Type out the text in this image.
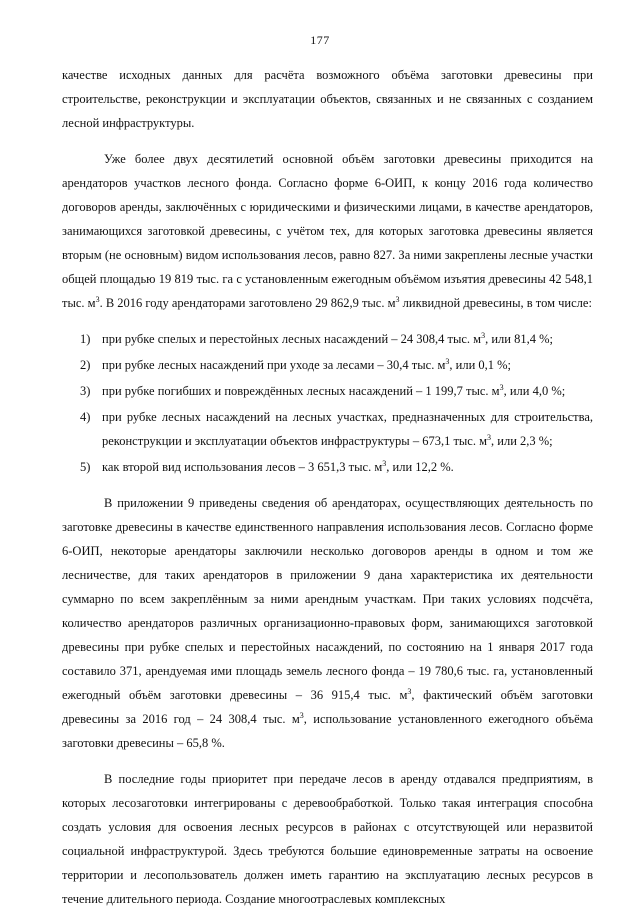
177

качестве исходных данных для расчёта возможного объёма заготовки древесины при строительстве, реконструкции и эксплуатации объектов, связанных и не связанных с созданием лесной инфраструктуры.

Уже более двух десятилетий основной объём заготовки древесины приходится на арендаторов участков лесного фонда. Согласно форме 6-ОИП, к концу 2016 года количество договоров аренды, заключённых с юридическими и физическими лицами, в качестве арендаторов, занимающихся заготовкой древесины, с учётом тех, для которых заготовка древесины является вторым (не основным) видом использования лесов, равно 827. За ними закреплены лесные участки общей площадью 19 819 тыс. га с установленным ежегодным объёмом изъятия древесины 42 548,1 тыс. $м^3$. В 2016 году арендаторами заготовлено 29 862,9 тыс. $м^3$ ликвидной древесины, в том числе:

1) при рубке спелых и перестойных лесных насаждений – 24 308,4 тыс. $м^3$, или 81,4 %;
2) при рубке лесных насаждений при уходе за лесами – 30,4 тыс. $м^3$, или 0,1 %;
3) при рубке погибших и повреждённых лесных насаждений – 1 199,7 тыс. $м^3$, или 4,0 %;
4) при рубке лесных насаждений на лесных участках, предназначенных для строительства, реконструкции и эксплуатации объектов инфраструктуры – 673,1 тыс. $м^3$, или 2,3 %;
5) как второй вид использования лесов – 3 651,3 тыс. $м^3$, или 12,2 %.

В приложении 9 приведены сведения об арендаторах, осуществляющих деятельность по заготовке древесины в качестве единственного направления использования лесов. Согласно форме 6-ОИП, некоторые арендаторы заключили несколько договоров аренды в одном и том же лесничестве, для таких арендаторов в приложении 9 дана характеристика их деятельности суммарно по всем закреплённым за ними арендным участкам. При таких условиях подсчёта, количество арендаторов различных организационно-правовых форм, занимающихся заготовкой древесины при рубке спелых и перестойных насаждений, по состоянию на 1 января 2017 года составило 371, арендуемая ими площадь земель лесного фонда – 19 780,6 тыс. га, установленный ежегодный объём заготовки древесины – 36 915,4 тыс. $м^3$, фактический объём заготовки древесины за 2016 год – 24 308,4 тыс. $м^3$, использование установленного ежегодного объёма заготовки древесины – 65,8 %.

В последние годы приоритет при передаче лесов в аренду отдавался предприятиям, в которых лесозаготовки интегрированы с деревообработкой. Только такая интеграция способна создать условия для освоения лесных ресурсов в районах с отсутствующей или неразвитой социальной инфраструктурой. Здесь требуются большие единовременные затраты на освоение территории и лесопользователь должен иметь гарантию на эксплуатацию лесных ресурсов в течение длительного периода. Создание многоотраслевых комплексных
